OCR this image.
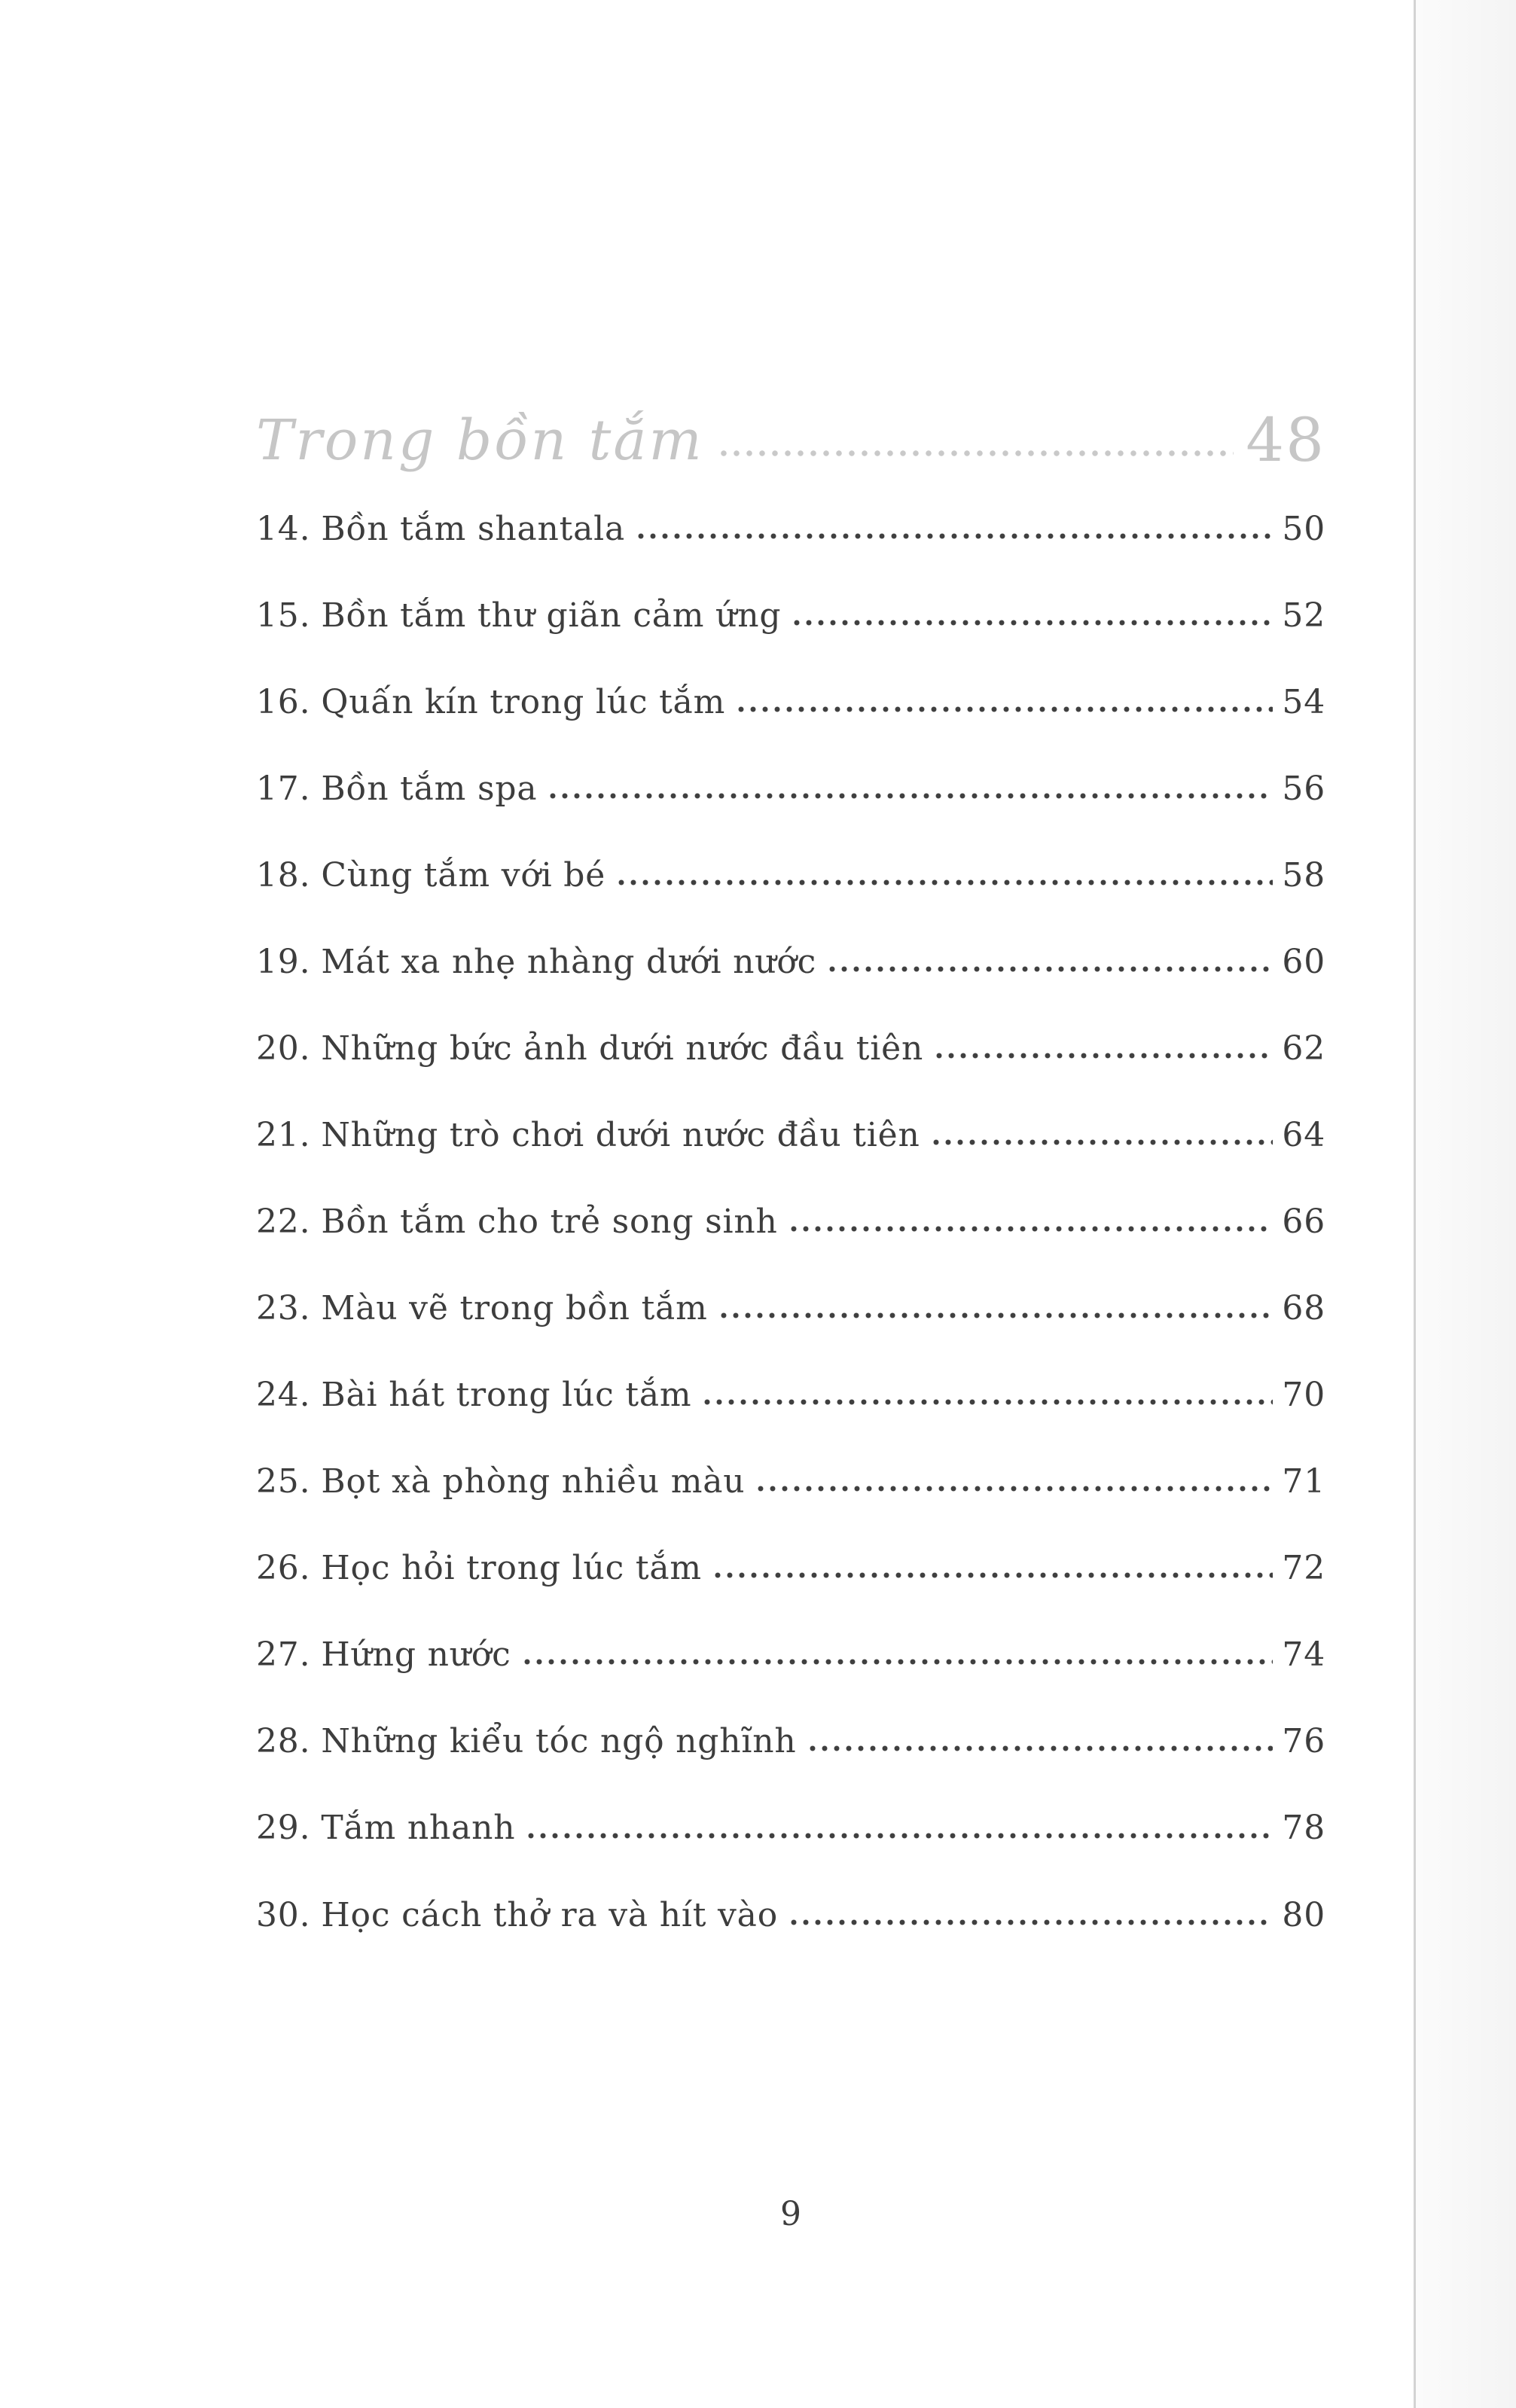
Trong bồn tắm	48
14. Bồn tắm shantala	50
15. Bồn tắm thư giãn cảm ứng	52
16. Quấn kín trong lúc tắm	54
17. Bồn tắm spa	56
18. Cùng tắm với bé	58
19. Mát xa nhẹ nhàng dưới nước	60
20. Những bức ảnh dưới nước đầu tiên	62
21. Những trò chơi dưới nước đầu tiên	64
22. Bồn tắm cho trẻ song sinh	66
23. Màu vẽ trong bồn tắm	68
24. Bài hát trong lúc tắm	70
25. Bọt xà phòng nhiều màu	71
26. Học hỏi trong lúc tắm	72
27. Hứng nước	74
28. Những kiểu tóc ngộ nghĩnh	76
29. Tắm nhanh	78
30. Học cách thở ra và hít vào	80
9
